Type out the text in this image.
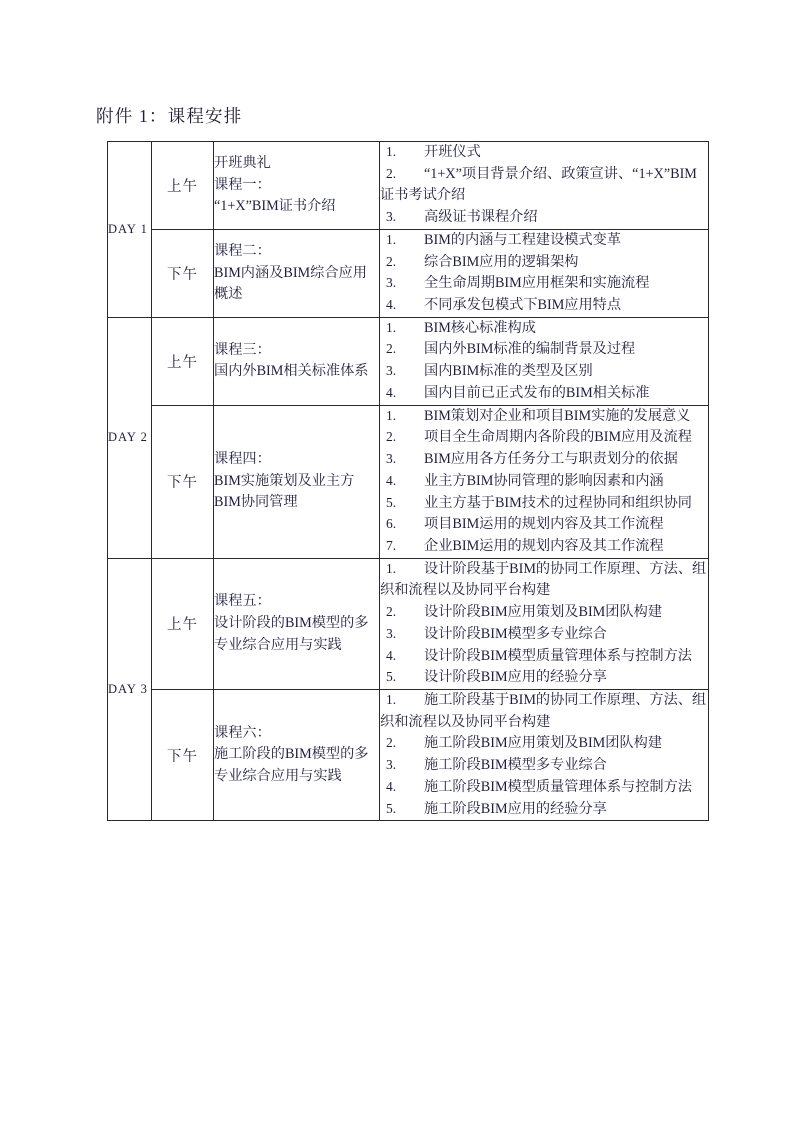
附件 1：课程安排
DAY 1	上午	
开班典礼
课程一：
“1+X”BIM证书介绍

开班仪式
“1+X”项目背景介绍、政策宣讲、“1+X”BIM证书考试介绍
高级证书课程介绍

下午	
课程二：
BIM内涵及BIM综合应用概述

BIM的内涵与工程建设模式变革
综合BIM应用的逻辑架构
全生命周期BIM应用框架和实施流程
不同承发包模式下BIM应用特点

DAY 2	上午	
课程三：
国内外BIM相关标准体系

BIM核心标准构成
国内外BIM标准的编制背景及过程
国内BIM标准的类型及区别
国内目前已正式发布的BIM相关标准

下午	
课程四：
BIM实施策划及业主方BIM协同管理

BIM策划对企业和项目BIM实施的发展意义
项目全生命周期内各阶段的BIM应用及流程
BIM应用各方任务分工与职责划分的依据
业主方BIM协同管理的影响因素和内涵
业主方基于BIM技术的过程协同和组织协同
项目BIM运用的规划内容及其工作流程
企业BIM运用的规划内容及其工作流程

DAY 3	上午	
课程五：
设计阶段的BIM模型的多专业综合应用与实践

设计阶段基于BIM的协同工作原理、方法、组织和流程以及协同平台构建
设计阶段BIM应用策划及BIM团队构建
设计阶段BIM模型多专业综合
设计阶段BIM模型质量管理体系与控制方法
设计阶段BIM应用的经验分享

下午	
课程六：
施工阶段的BIM模型的多专业综合应用与实践

施工阶段基于BIM的协同工作原理、方法、组织和流程以及协同平台构建
施工阶段BIM应用策划及BIM团队构建
施工阶段BIM模型多专业综合
施工阶段BIM模型质量管理体系与控制方法
施工阶段BIM应用的经验分享
